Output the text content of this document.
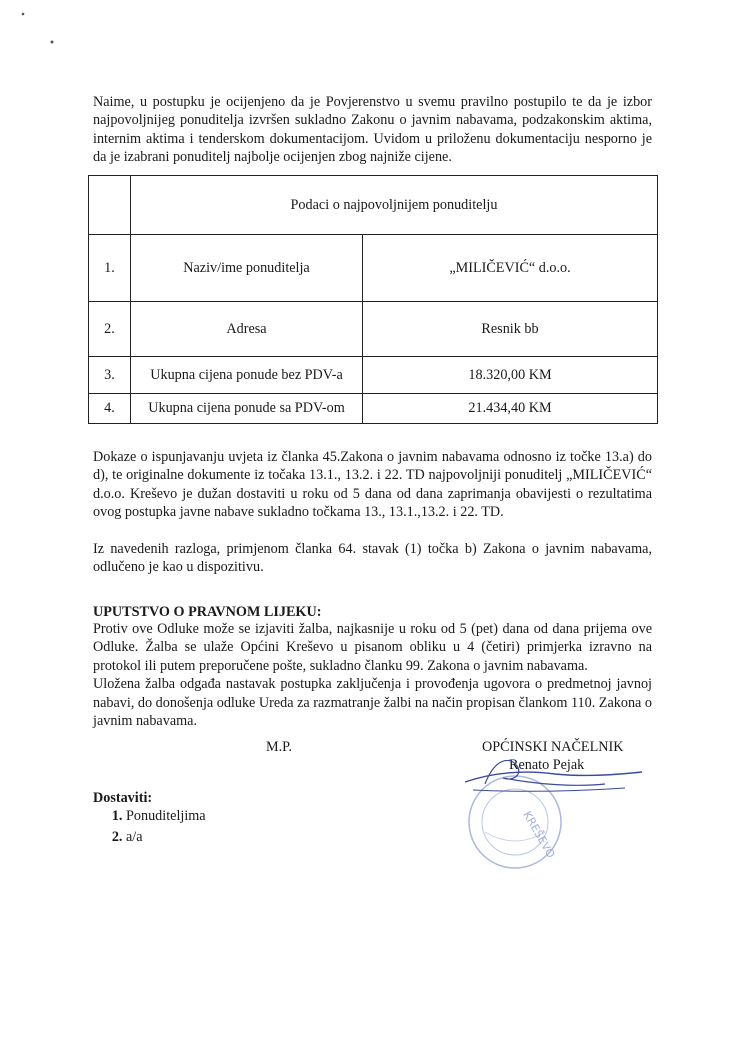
Naime, u postupku je ocijenjeno da je Povjerenstvo u svemu pravilno postupilo te da je izbor najpovoljnijeg ponuditelja izvršen sukladno Zakonu o javnim nabavama, podzakonskim aktima, internim aktima i tenderskom dokumentacijom. Uvidom u priloženu dokumentaciju nesporno je da je izabrani ponuditelj najbolje ocijenjen zbog najniže cijene.
	Podaci o najpovoljnijem ponuditelju	
1.	Naziv/ime ponuditelja	„MILIČEVIĆ“ d.o.o.
2.	Adresa	Resnik bb
3.	Ukupna cijena ponude bez PDV-a	18.320,00 KM
4.	Ukupna cijena ponude sa PDV-om	21.434,40 KM
Dokaze o ispunjavanju uvjeta iz članka 45.Zakona o javnim nabavama odnosno iz točke 13.a) do d), te originalne dokumente iz točaka 13.1., 13.2. i 22. TD najpovoljniji ponuditelj „MILIČEVIĆ“ d.o.o. Kreševo je dužan dostaviti u roku od 5 dana od dana zaprimanja obavijesti o rezultatima ovog postupka javne nabave sukladno točkama 13., 13.1.,13.2. i 22. TD.
Iz navedenih razloga, primjenom članka 64. stavak (1) točka b) Zakona o javnim nabavama, odlučeno je kao u dispozitivu.
UPUTSTVO O PRAVNOM LIJEKU:
Protiv ove Odluke može se izjaviti žalba, najkasnije u roku od 5 (pet) dana od dana prijema ove Odluke. Žalba se ulaže Općini Kreševo u pisanom obliku u 4 (četiri) primjerka izravno na protokol ili putem preporučene pošte, sukladno članku 99. Zakona o javnim nabavama.
Uložena žalba odgađa nastavak postupka zaključenja i provođenja ugovora o predmetnoj javnoj nabavi, do donošenja odluke Ureda za razmatranje žalbi na način propisan člankom 110. Zakona o javnim nabavama.
M.P.	OPĆINSKI NAČELNIK
Renato Pejak
KREŠEVO
Dostaviti:
1. Ponuditeljima
2. a/a
